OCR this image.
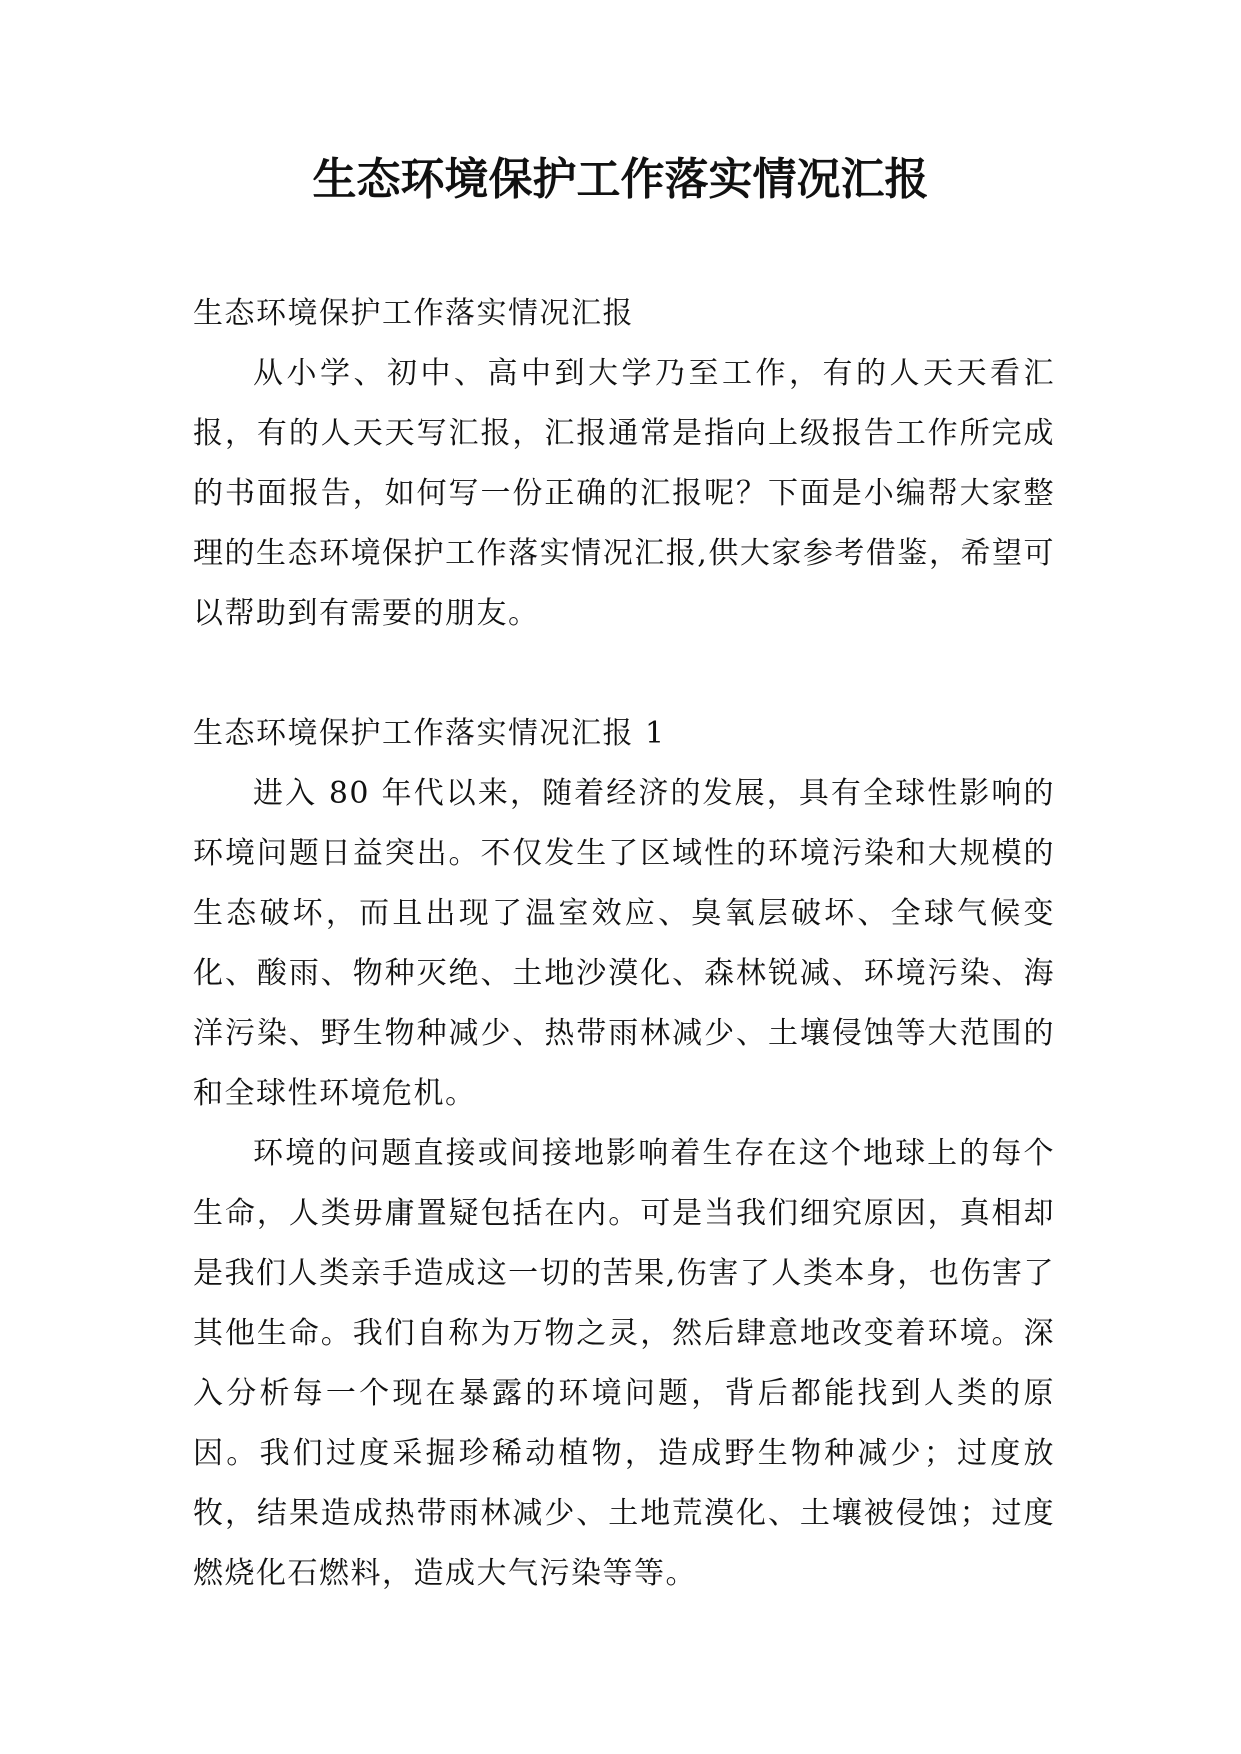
生态环境保护工作落实情况汇报

生态环境保护工作落实情况汇报

从小学、初中、高中到大学乃至工作，有的人天天看汇报，有的人天天写汇报，汇报通常是指向上级报告工作所完成的书面报告，如何写一份正确的汇报呢？下面是小编帮大家整理的生态环境保护工作落实情况汇报,供大家参考借鉴，希望可以帮助到有需要的朋友。

生态环境保护工作落实情况汇报 1

进入 80 年代以来，随着经济的发展，具有全球性影响的环境问题日益突出。不仅发生了区域性的环境污染和大规模的生态破坏，而且出现了温室效应、臭氧层破坏、全球气候变化、酸雨、物种灭绝、土地沙漠化、森林锐减、环境污染、海洋污染、野生物种减少、热带雨林减少、土壤侵蚀等大范围的和全球性环境危机。

环境的问题直接或间接地影响着生存在这个地球上的每个生命，人类毋庸置疑包括在内。可是当我们细究原因，真相却是我们人类亲手造成这一切的苦果,伤害了人类本身，也伤害了其他生命。我们自称为万物之灵，然后肆意地改变着环境。深入分析每一个现在暴露的环境问题，背后都能找到人类的原因。我们过度采掘珍稀动植物，造成野生物种减少；过度放牧，结果造成热带雨林减少、土地荒漠化、土壤被侵蚀；过度燃烧化石燃料，造成大气污染等等。
